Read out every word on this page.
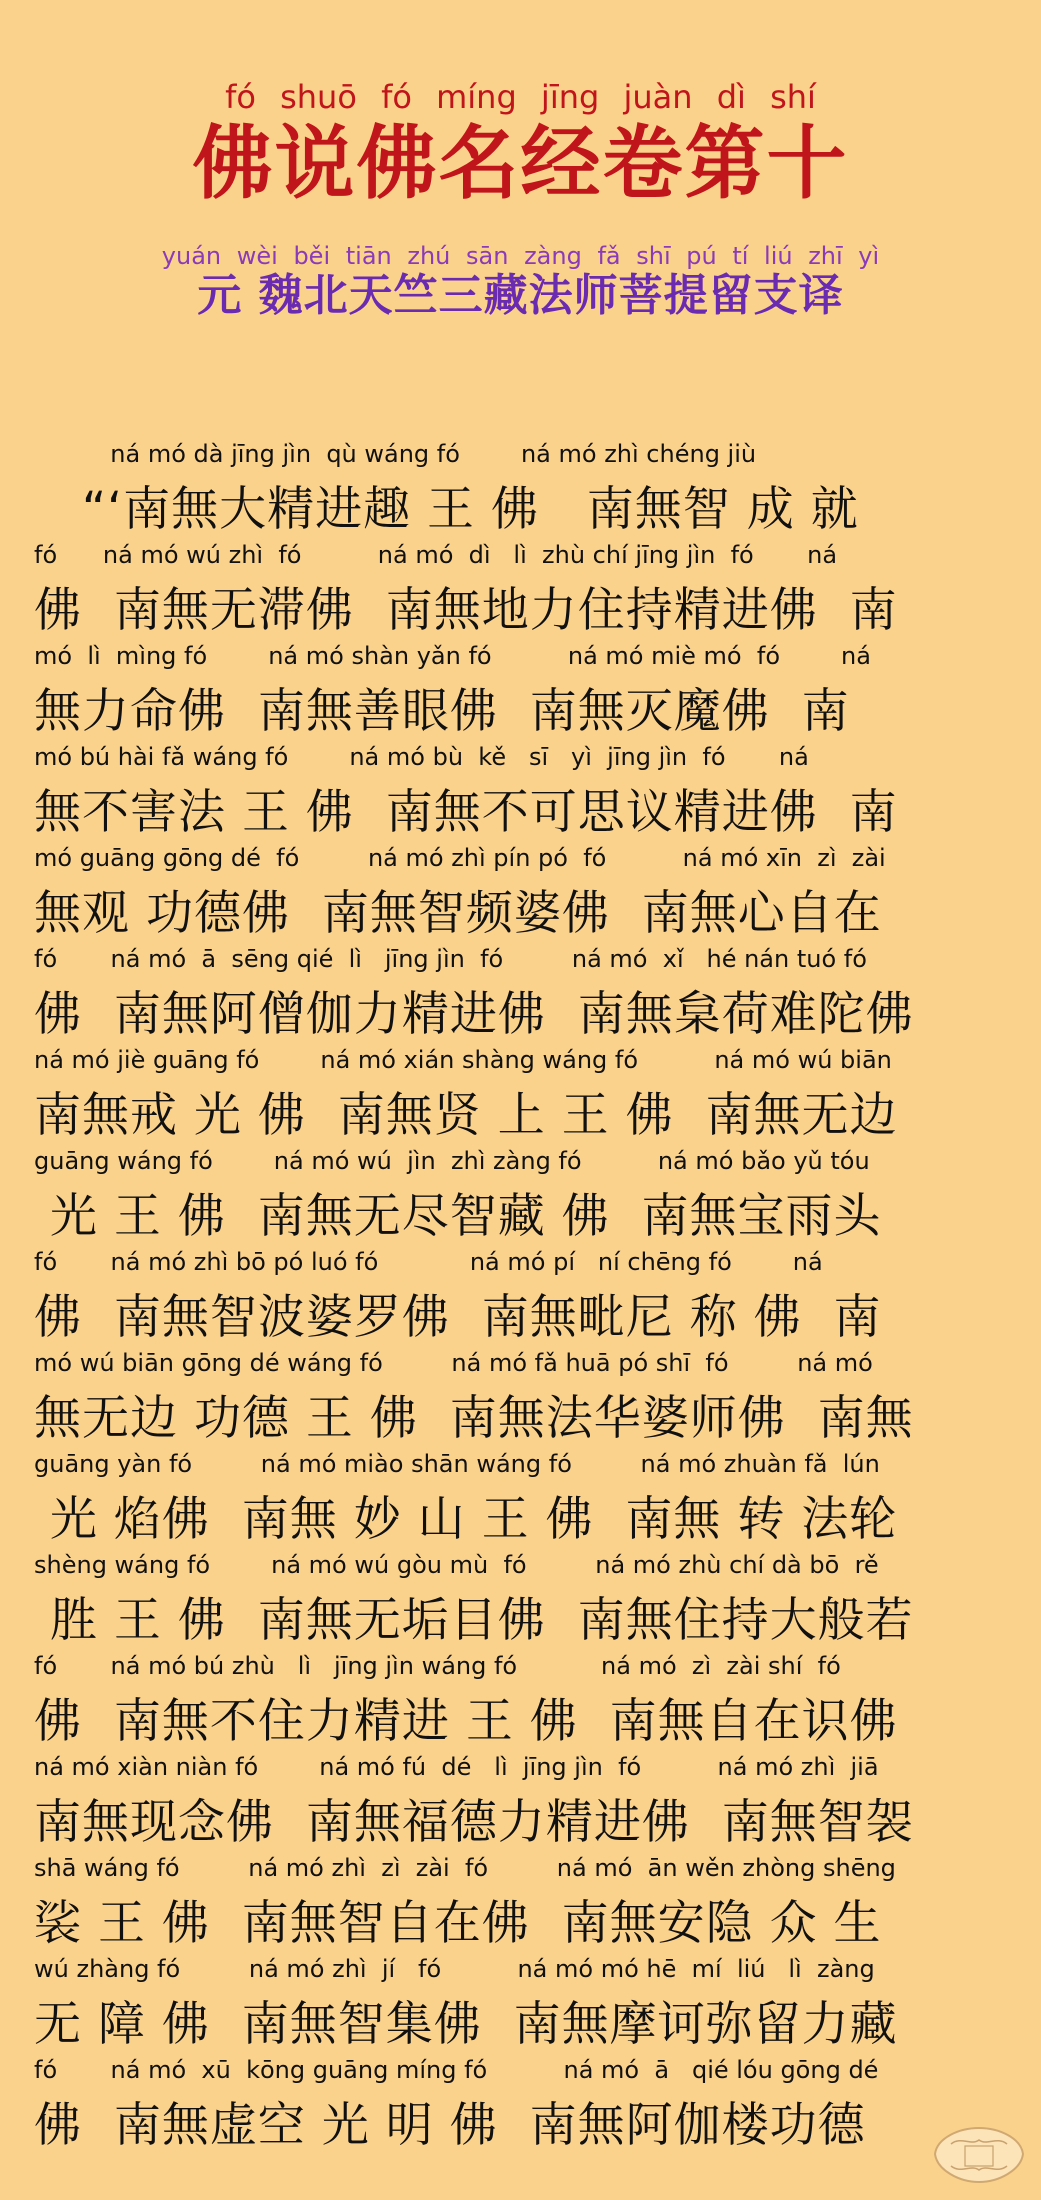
fó shuō fó míng jīng juàn dì shí
佛说佛名经卷第十
yuán wèi běi tiān zhú sān zàng fǎ shī pú tí liú zhī yì
元 魏北天竺三藏法师菩提留支译
ná mó dà jīng jìn  qù wáng fó        ná mó zhì chéng jiù
“‘南無大精进趣 王 佛   南無智 成 就
fó      ná mó wú zhì  fó          ná mó  dì   lì  zhù chí jīng jìn  fó       ná
佛  南無无滞佛  南無地力住持精进佛  南
mó  lì  mìng fó        ná mó shàn yǎn fó          ná mó miè mó  fó        ná
無力命佛  南無善眼佛  南無灭魔佛  南
mó bú hài fǎ wáng fó        ná mó bù  kě   sī   yì  jīng jìn  fó       ná
無不害法 王 佛  南無不可思议精进佛  南
mó guāng gōng dé  fó         ná mó zhì pín pó  fó          ná mó xīn  zì  zài
無观 功德佛  南無智频婆佛  南無心自在
fó       ná mó  ā  sēng qié  lì   jīng jìn  fó         ná mó  xǐ   hé nán tuó fó
佛  南無阿僧伽力精进佛  南無枲荷难陀佛
ná mó jiè guāng fó        ná mó xián shàng wáng fó          ná mó wú biān
南無戒 光 佛  南無贤 上 王 佛  南無无边
guāng wáng fó        ná mó wú  jìn  zhì zàng fó          ná mó bǎo yǔ tóu
光 王 佛  南無无尽智藏 佛  南無宝雨头
fó       ná mó zhì bō pó luó fó            ná mó pí   ní chēng fó        ná
佛  南無智波婆罗佛  南無毗尼 称 佛  南
mó wú biān gōng dé wáng fó         ná mó fǎ huā pó shī  fó         ná mó
無无边 功德 王 佛  南無法华婆师佛  南無
guāng yàn fó         ná mó miào shān wáng fó         ná mó zhuàn fǎ  lún
光 焰佛  南無 妙 山 王 佛  南無 转 法轮
shèng wáng fó        ná mó wú gòu mù  fó         ná mó zhù chí dà bō  rě
胜 王 佛  南無无垢目佛  南無住持大般若
fó       ná mó bú zhù   lì   jīng jìn wáng fó           ná mó  zì  zài shí  fó
佛  南無不住力精进 王 佛  南無自在识佛
ná mó xiàn niàn fó        ná mó fú  dé   lì  jīng jìn  fó          ná mó zhì  jiā
南無现念佛  南無福德力精进佛  南無智袈
shā wáng fó         ná mó zhì  zì  zài  fó         ná mó  ān wěn zhòng shēng
裟 王 佛  南無智自在佛  南無安隐 众 生
wú zhàng fó         ná mó zhì  jí   fó          ná mó mó hē  mí  liú   lì  zàng
无 障 佛  南無智集佛  南無摩诃弥留力藏
fó       ná mó  xū  kōng guāng míng fó          ná mó  ā   qié lóu gōng dé
佛  南無虚空 光 明 佛  南無阿伽楼功德
